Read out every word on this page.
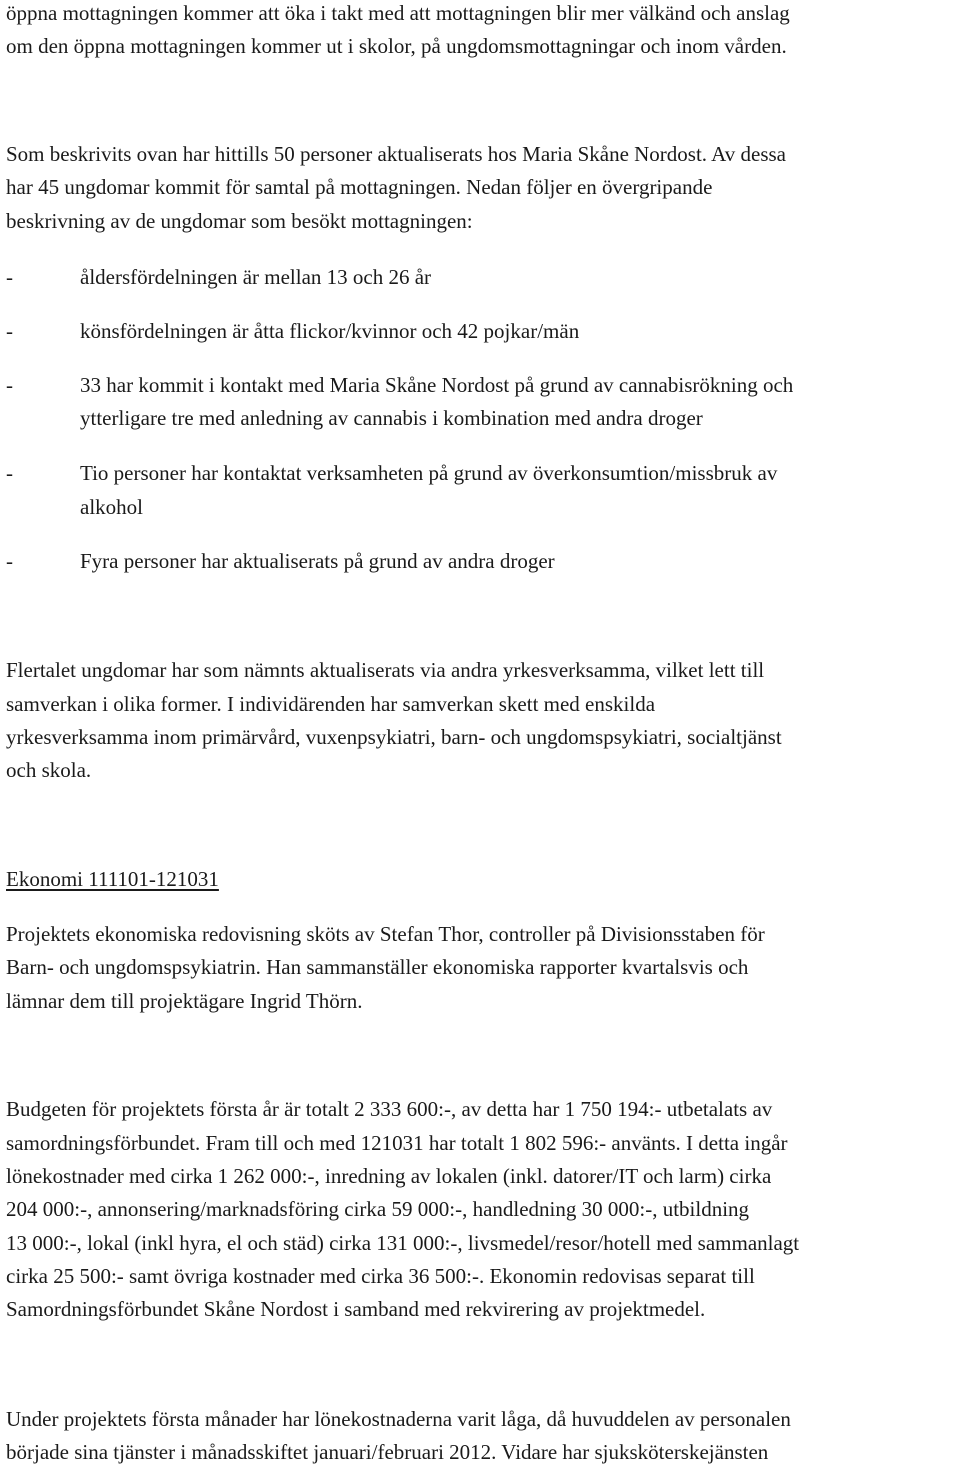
öppna mottagningen kommer att öka i takt med att mottagningen blir mer välkänd och anslag
om den öppna mottagningen kommer ut i skolor, på ungdomsmottagningar och inom vården.
Som beskrivits ovan har hittills 50 personer aktualiserats hos Maria Skåne Nordost. Av dessa
har 45 ungdomar kommit för samtal på mottagningen. Nedan följer en övergripande
beskrivning av de ungdomar som besökt mottagningen:
-	åldersfördelningen är mellan 13 och 26 år
-	könsfördelningen är åtta flickor/kvinnor och 42 pojkar/män
-	33 har kommit i kontakt med Maria Skåne Nordost på grund av cannabisrökning och
ytterligare tre med anledning av cannabis i kombination med andra droger
-	Tio personer har kontaktat verksamheten på grund av överkonsumtion/missbruk av
alkohol
-	Fyra personer har aktualiserats på grund av andra droger
Flertalet ungdomar har som nämnts aktualiserats via andra yrkesverksamma, vilket lett till
samverkan i olika former. I individärenden har samverkan skett med enskilda
yrkesverksamma inom primärvård, vuxenpsykiatri, barn- och ungdomspsykiatri, socialtjänst
och skola.
Ekonomi 111101-121031
Projektets ekonomiska redovisning sköts av Stefan Thor, controller på Divisionsstaben för
Barn- och ungdomspsykiatrin. Han sammanställer ekonomiska rapporter kvartalsvis och
lämnar dem till projektägare Ingrid Thörn.
Budgeten för projektets första år är totalt 2 333 600:-, av detta har 1 750 194:- utbetalats av
samordningsförbundet. Fram till och med 121031 har totalt 1 802 596:- använts. I detta ingår
lönekostnader med cirka 1 262 000:-, inredning av lokalen (inkl. datorer/IT och larm) cirka
204 000:-, annonsering/marknadsföring cirka 59 000:-, handledning 30 000:-, utbildning
13 000:-, lokal (inkl hyra, el och städ) cirka 131 000:-, livsmedel/resor/hotell med sammanlagt
cirka 25 500:- samt övriga kostnader med cirka 36 500:-. Ekonomin redovisas separat till
Samordningsförbundet Skåne Nordost i samband med rekvirering av projektmedel.
Under projektets första månader har lönekostnaderna varit låga, då huvuddelen av personalen
började sina tjänster i månadsskiftet januari/februari 2012. Vidare har sjuksköterskejänsten
